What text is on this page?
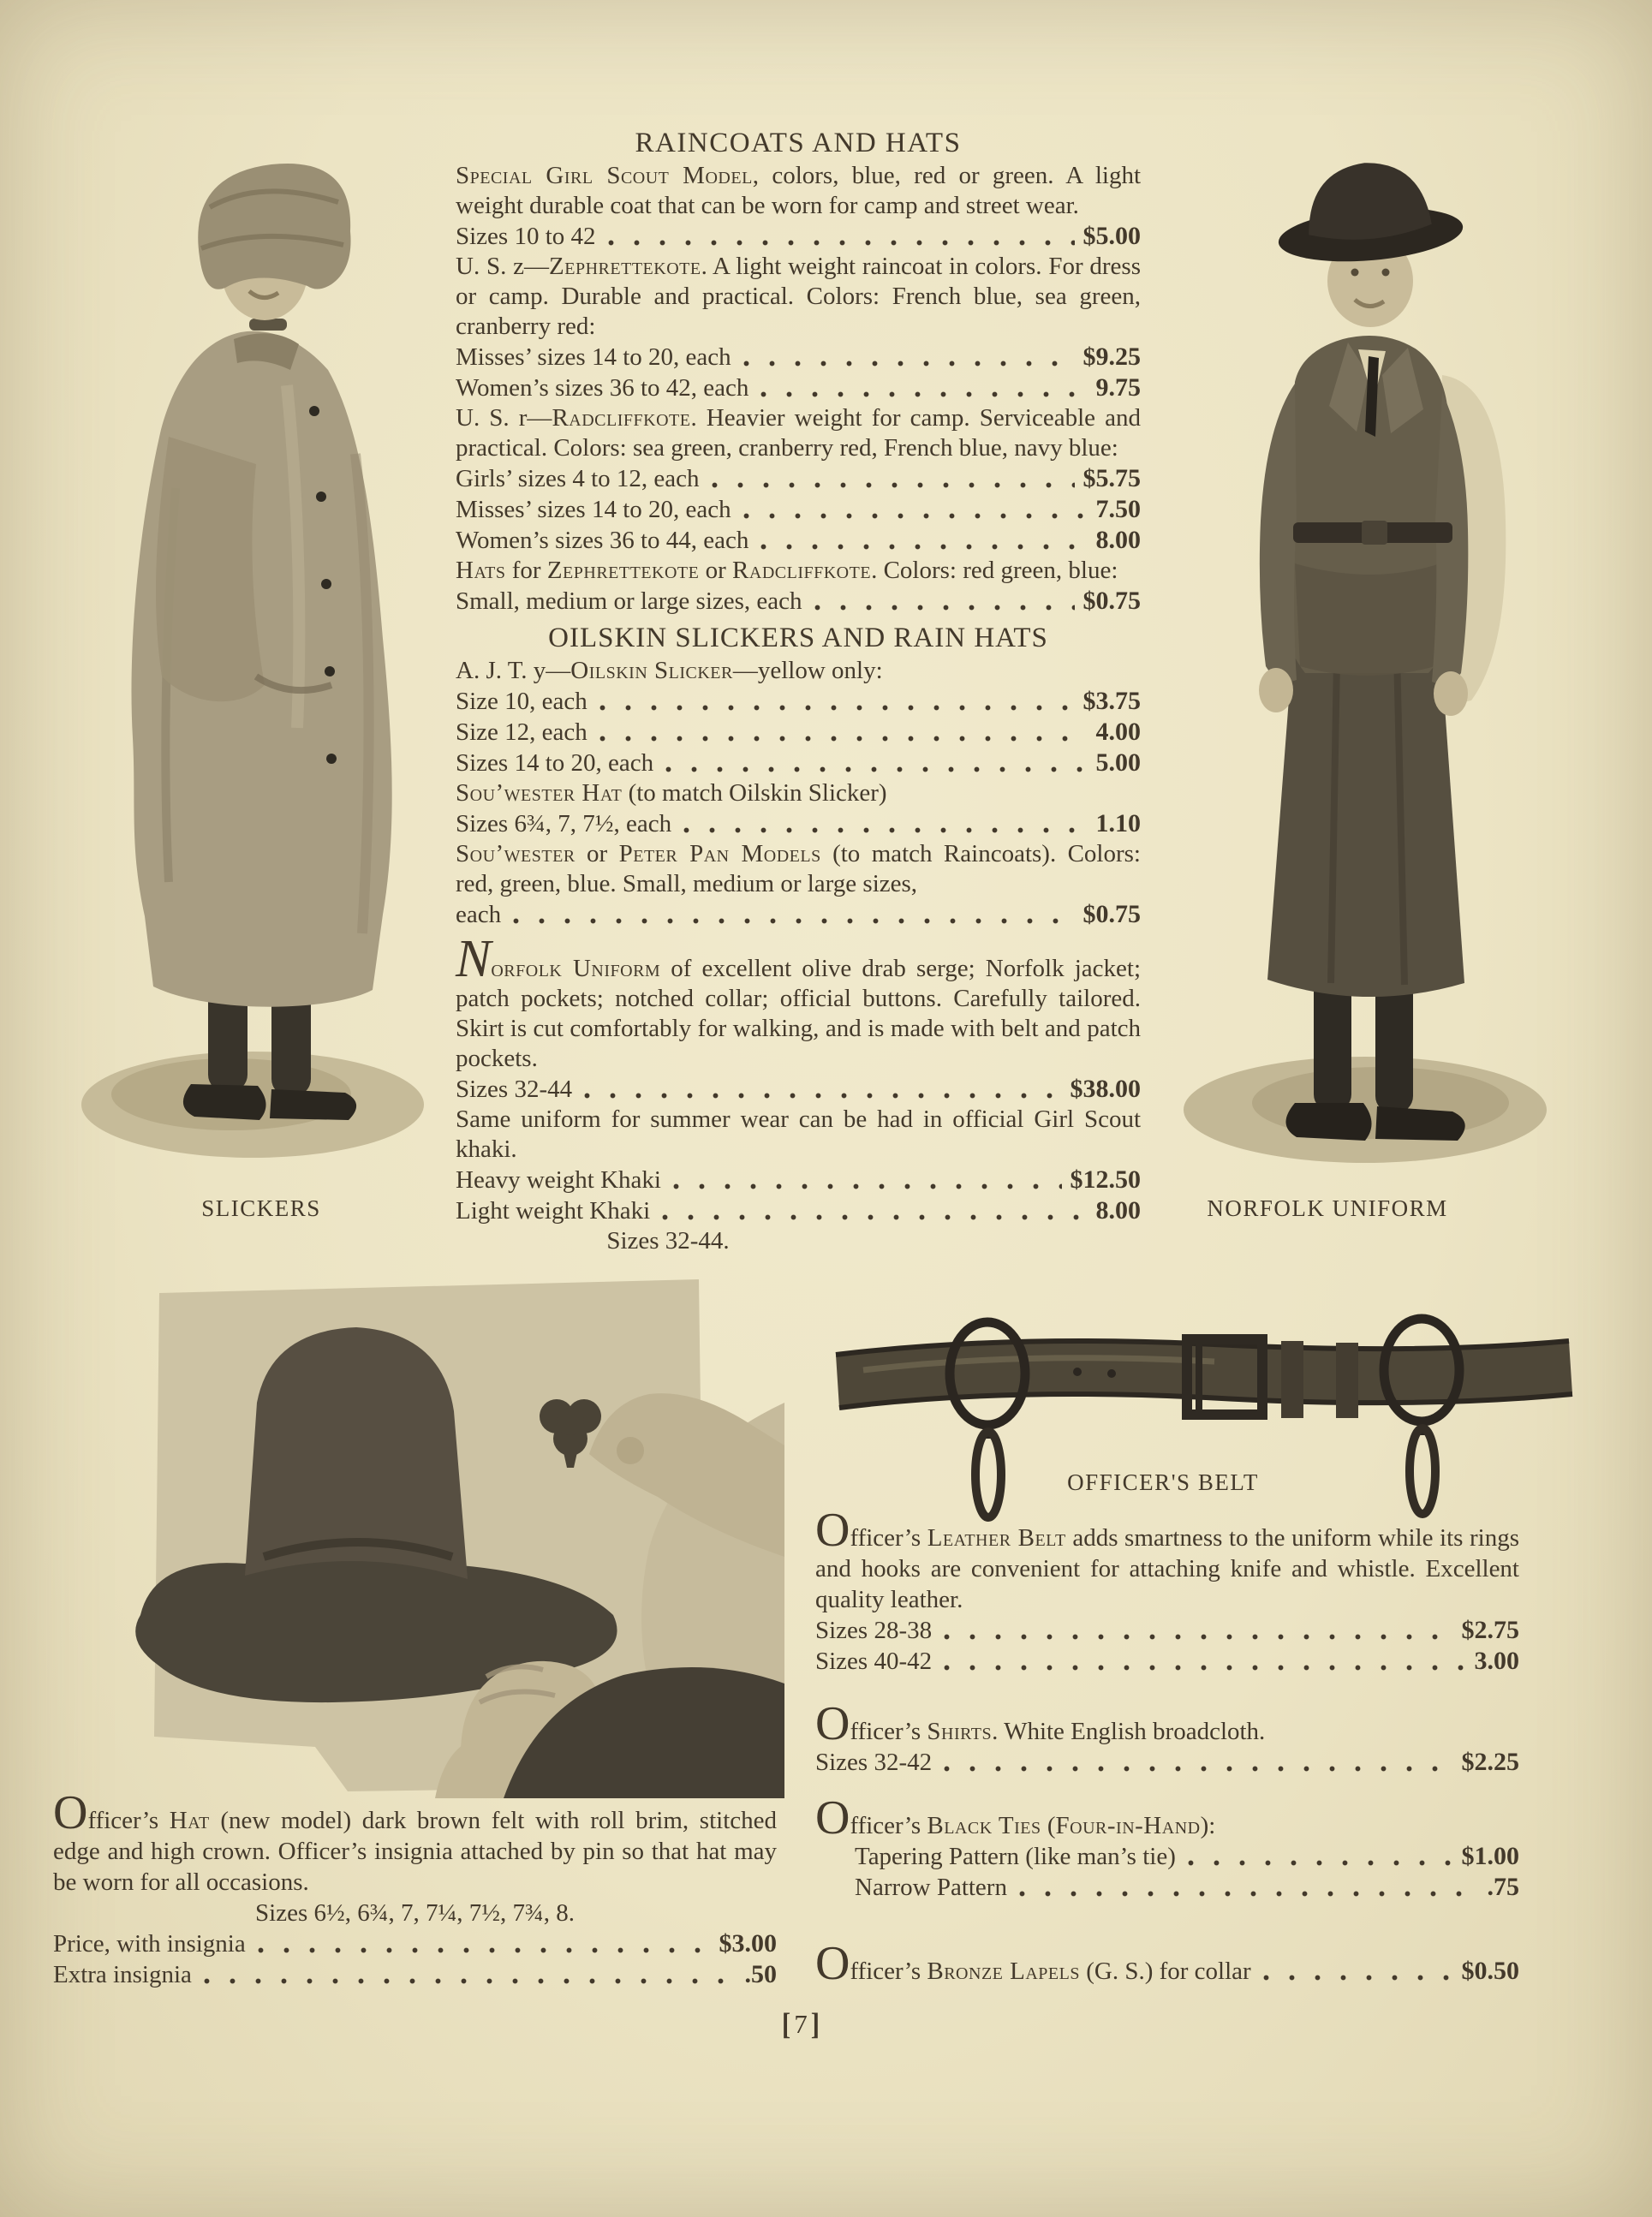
RAINCOATS AND HATS

Special Girl Scout Model, colors, blue, red or green. A light weight durable coat that can be worn for camp and street wear.

Sizes 10 to 42	$5.00

U. S. z—Zephrettekote. A light weight raincoat in colors. For dress or camp. Durable and practical. Colors: French blue, sea green, cranberry red:

Misses’ sizes 14 to 20, each	$9.25
Women’s sizes 36 to 42, each	9.75

U. S. r—Radcliffkote. Heavier weight for camp. Serviceable and practical. Colors: sea green, cranberry red, French blue, navy blue:

Girls’ sizes 4 to 12, each	$5.75
Misses’ sizes 14 to 20, each	7.50
Women’s sizes 36 to 44, each	8.00

Hats for Zephrettekote or Radcliffkote. Colors: red green, blue:

Small, medium or large sizes, each	$0.75
OILSKIN SLICKERS AND RAIN HATS

A. J. T. y—Oilskin Slicker—yellow only:

Size 10, each	$3.75
Size 12, each	4.00
Sizes 14 to 20, each	5.00

Sou’wester Hat (to match Oilskin Slicker)

Sizes 6¾, 7, 7½, each	1.10

Sou’wester or Peter Pan Models (to match Raincoats). Colors: red, green, blue. Small, medium or large sizes,

each	$0.75

Norfolk Uniform of excellent olive drab serge; Norfolk jacket; patch pockets; notched collar; official buttons. Carefully tailored. Skirt is cut comfortably for walking, and is made with belt and patch pockets.

Sizes 32-44	$38.00

Same uniform for summer wear can be had in official Girl Scout khaki.

Heavy weight Khaki	$12.50
Light weight Khaki	8.00
Sizes 32-44.
SLICKERS	NORFOLK UNIFORM

Officer’s Hat (new model) dark brown felt with roll brim, stitched edge and high crown. Officer’s insignia attached by pin so that hat may be worn for all occasions.

Sizes 6½, 6¾, 7, 7¼, 7½, 7¾, 8.
Price, with insignia	$3.00
Extra insignia	.50
OFFICER'S BELT

Officer’s Leather Belt adds smartness to the uniform while its rings and hooks are convenient for attaching knife and whistle. Excellent quality leather.

Sizes 28-38	$2.75
Sizes 40-42	3.00

Officer’s Shirts. White English broadcloth.

Sizes 32-42	$2.25

Officer’s Black Ties (Four-in-Hand):

Tapering Pattern (like man’s tie)	$1.00
Narrow Pattern	.75
Officer’s Bronze Lapels (G. S.) for collar	$0.50
[ 7 ]
